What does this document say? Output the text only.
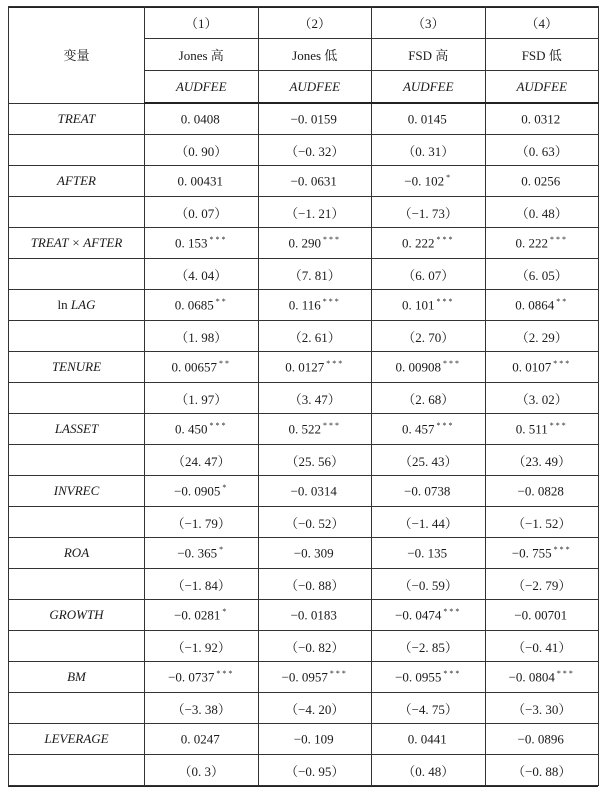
变量	（1）	（2）	（3）	（4）
	Jones 高	Jones 低	FSD 高	FSD 低
	AUDFEE	AUDFEE	AUDFEE	AUDFEE
TREAT	0. 0408	−0. 0159	0. 0145	0. 0312
	（0. 90）	（−0. 32）	（0. 31）	（0. 63）
AFTER	0. 00431	−0. 0631	−0. 102 *	0. 0256
	（0. 07）	（−1. 21）	（−1. 73）	（0. 48）
TREAT × AFTER	0. 153 ***	0. 290 ***	0. 222 ***	0. 222 ***
	（4. 04）	（7. 81）	（6. 07）	（6. 05）
ln LAG	0. 0685 **	0. 116 ***	0. 101 ***	0. 0864 **
	（1. 98）	（2. 61）	（2. 70）	（2. 29）
TENURE	0. 00657 **	0. 0127 ***	0. 00908 ***	0. 0107 ***
	（1. 97）	（3. 47）	（2. 68）	（3. 02）
LASSET	0. 450 ***	0. 522 ***	0. 457 ***	0. 511 ***
	（24. 47）	（25. 56）	（25. 43）	（23. 49）
INVREC	−0. 0905 *	−0. 0314	−0. 0738	−0. 0828
	（−1. 79）	（−0. 52）	（−1. 44）	（−1. 52）
ROA	−0. 365 *	−0. 309	−0. 135	−0. 755 ***
	（−1. 84）	（−0. 88）	（−0. 59）	（−2. 79）
GROWTH	−0. 0281 *	−0. 0183	−0. 0474 ***	−0. 00701
	（−1. 92）	（−0. 82）	（−2. 85）	（−0. 41）
BM	−0. 0737 ***	−0. 0957 ***	−0. 0955 ***	−0. 0804 ***
	（−3. 38）	（−4. 20）	（−4. 75）	（−3. 30）
LEVERAGE	0. 0247	−0. 109	0. 0441	−0. 0896
	（0. 3）	（−0. 95）	（0. 48）	（−0. 88）
